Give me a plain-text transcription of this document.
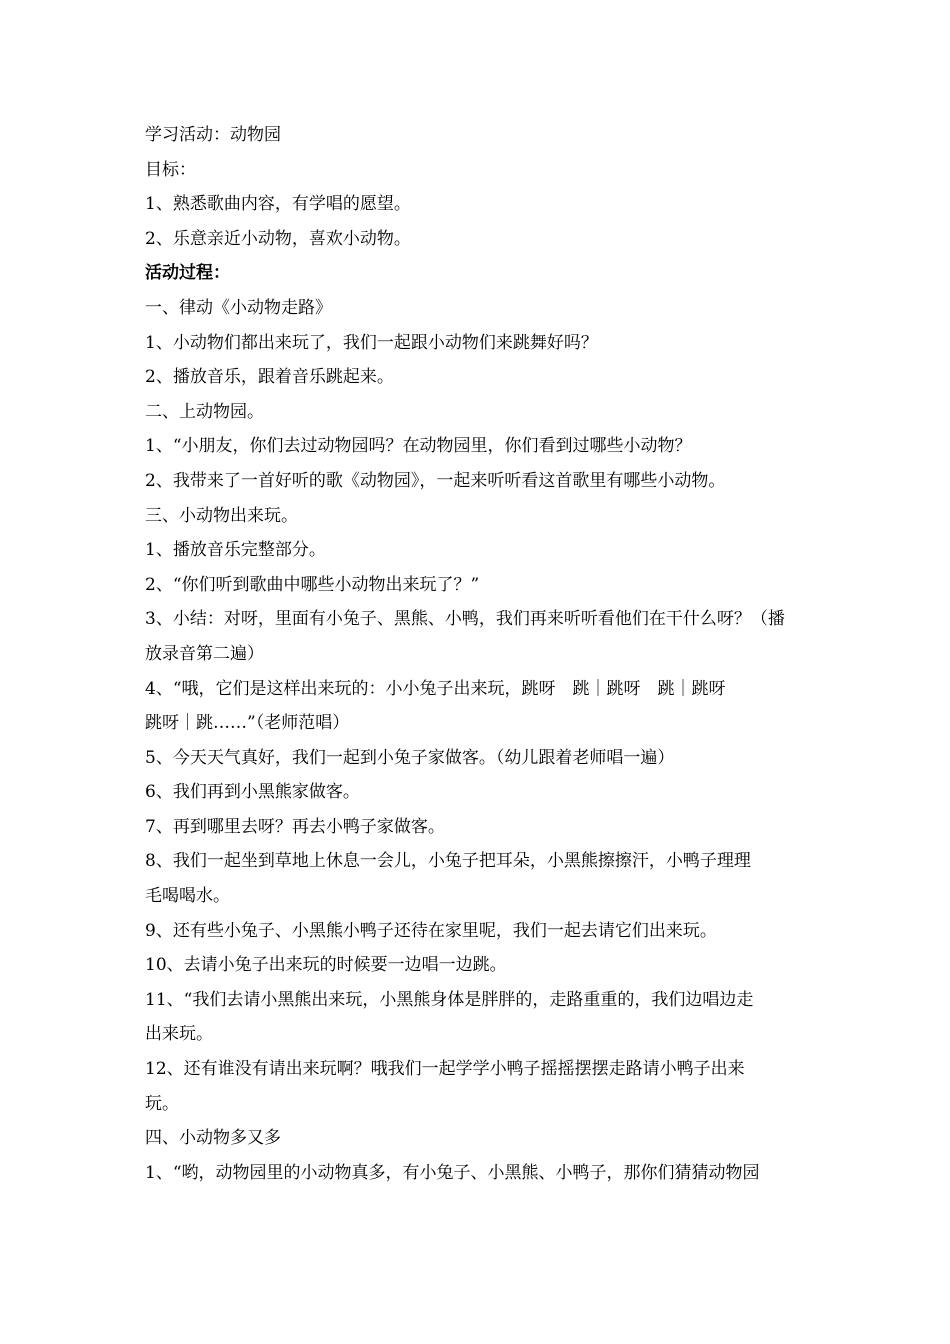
学习活动：动物园
目标：
1、熟悉歌曲内容，有学唱的愿望。
2、乐意亲近小动物，喜欢小动物。
活动过程：
一、律动《小动物走路》
1、小动物们都出来玩了，我们一起跟小动物们来跳舞好吗？
2、播放音乐，跟着音乐跳起来。
二、上动物园。
1、“小朋友，你们去过动物园吗？在动物园里，你们看到过哪些小动物？
2、我带来了一首好听的歌《动物园》，一起来听听看这首歌里有哪些小动物。
三、小动物出来玩。
1、播放音乐完整部分。
2、“你们听到歌曲中哪些小动物出来玩了？”
3、小结：对呀，里面有小兔子、黑熊、小鸭，我们再来听听看他们在干什么呀？（播
放录音第二遍）
4、“哦，它们是这样出来玩的：小小兔子出来玩，跳呀　跳｜跳呀　跳｜跳呀
跳呀｜跳……”（老师范唱）
5、今天天气真好，我们一起到小兔子家做客。（幼儿跟着老师唱一遍）
6、我们再到小黑熊家做客。
7、再到哪里去呀？再去小鸭子家做客。
8、我们一起坐到草地上休息一会儿，小兔子把耳朵，小黑熊擦擦汗，小鸭子理理
毛喝喝水。
9、还有些小兔子、小黑熊小鸭子还待在家里呢，我们一起去请它们出来玩。
10、去请小兔子出来玩的时候要一边唱一边跳。
11、“我们去请小黑熊出来玩，小黑熊身体是胖胖的，走路重重的，我们边唱边走
出来玩。
12、还有谁没有请出来玩啊？哦我们一起学学小鸭子摇摇摆摆走路请小鸭子出来
玩。
四、小动物多又多
1、“哟，动物园里的小动物真多，有小兔子、小黑熊、小鸭子，那你们猜猜动物园
